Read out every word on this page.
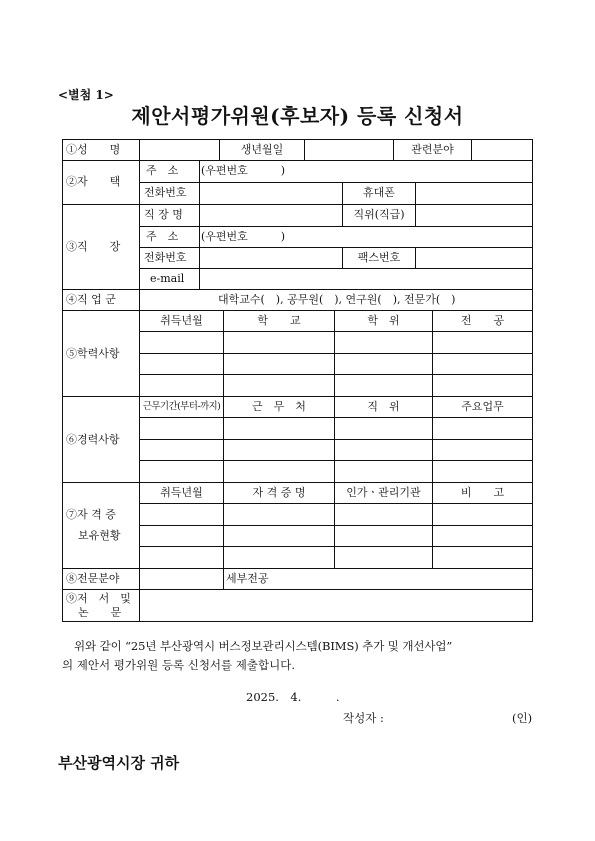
<별첨 1>
제안서평가위원(후보자) 등록 신청서
①성　　명	생년월일	관련분야
②자　　택
주　소 (우편번호　　　)
전화번호	휴대폰
③직　　장
직 장 명	직위(직급)
주　소 (우편번호　　　)
전화번호	팩스번호
e-mail
④직 업 군	대학교수(　), 공무원(　), 연구원(　), 전문가(　)
⑤학력사항
취득년월	학　　교	학　위	전　　공
⑥경력사항
근무기간(부터-까지)	근　무　처	직　위	주요업무
⑦자 격 증
보유현황
취득년월	자 격 증 명	인가ㆍ관리기관	비　　고
⑧전문분야	세부전공
⑨저　서　및
논　　문
위와 같이 “25년 부산광역시 버스정보관리시스템(BIMS) 추가 및 개선사업”
의 제안서 평가위원 등록 신청서를 제출합니다.
2025.　4.　　　.
작성자 :	(인)
부산광역시장 귀하
